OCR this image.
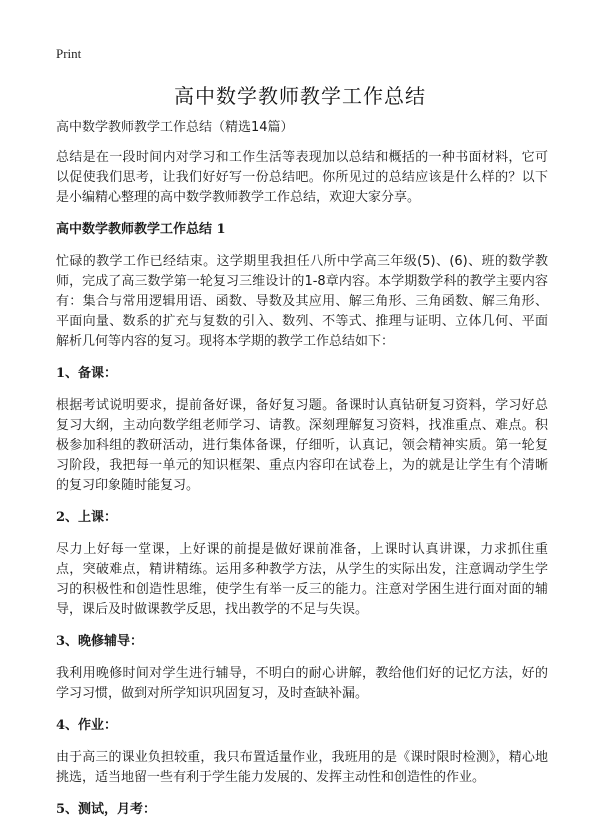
Print
高中数学教师教学工作总结
高中数学教师教学工作总结（精选14篇）

总结是在一段时间内对学习和工作生活等表现加以总结和概括的一种书面材料，它可以促使我们思考，让我们好好写一份总结吧。你所见过的总结应该是什么样的？以下是小编精心整理的高中数学教师教学工作总结，欢迎大家分享。

高中数学教师教学工作总结 1

忙碌的教学工作已经结束。这学期里我担任八所中学高三年级(5)、(6)、班的数学教师，完成了高三数学第一轮复习三维设计的1-8章内容。本学期数学科的教学主要内容有：集合与常用逻辑用语、函数、导数及其应用、解三角形、三角函数、解三角形、平面向量、数系的扩充与复数的引入、数列、不等式、推理与证明、立体几何、平面解析几何等内容的复习。现将本学期的教学工作总结如下：

1、备课：

根据考试说明要求，提前备好课，备好复习题。备课时认真钻研复习资料，学习好总复习大纲，主动向数学组老师学习、请教。深刻理解复习资料，找准重点、难点。积极参加科组的教研活动，进行集体备课，仔细听，认真记，领会精神实质。第一轮复习阶段，我把每一单元的知识框架、重点内容印在试卷上，为的就是让学生有个清晰的复习印象随时能复习。

2、上课：

尽力上好每一堂课，上好课的前提是做好课前准备，上课时认真讲课，力求抓住重点，突破难点，精讲精练。运用多种教学方法，从学生的实际出发，注意调动学生学习的积极性和创造性思维，使学生有举一反三的能力。注意对学困生进行面对面的辅导，课后及时做课教学反思，找出教学的不足与失误。

3、晚修辅导：

我利用晚修时间对学生进行辅导，不明白的耐心讲解，教给他们好的记忆方法，好的学习习惯，做到对所学知识巩固复习，及时查缺补漏。

4、作业：

由于高三的课业负担较重，我只布置适量作业，我班用的是《课时限时检测》，精心地挑选，适当地留一些有利于学生能力发展的、发挥主动性和创造性的作业。

5、测试，月考：
